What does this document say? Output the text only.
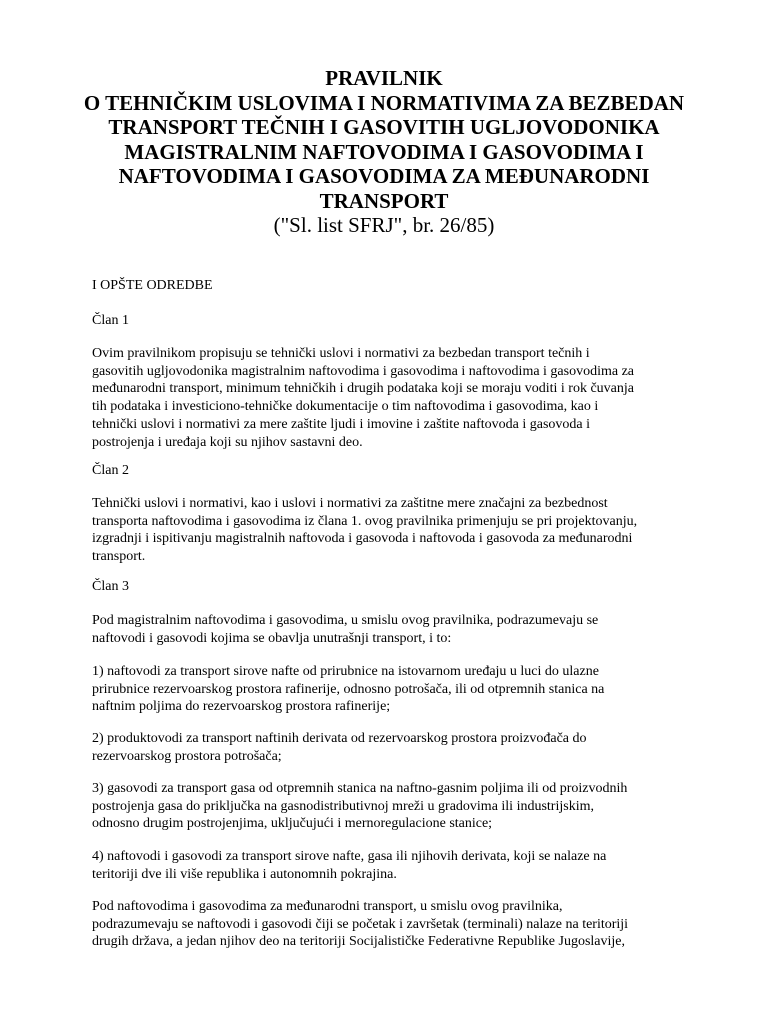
PRAVILNIK
O TEHNIČKIM USLOVIMA I NORMATIVIMA ZA BEZBEDAN
TRANSPORT TEČNIH I GASOVITIH UGLJOVODONIKA
MAGISTRALNIM NAFTOVODIMA I GASOVODIMA I
NAFTOVODIMA I GASOVODIMA ZA MEĐUNARODNI
TRANSPORT
("Sl. list SFRJ", br. 26/85)
I OPŠTE ODREDBE
Član 1
Ovim pravilnikom propisuju se tehnički uslovi i normativi za bezbedan transport tečnih i
gasovitih ugljovodonika magistralnim naftovodima i gasovodima i naftovodima i gasovodima za
međunarodni transport, minimum tehničkih i drugih podataka koji se moraju voditi i rok čuvanja
tih podataka i investiciono-tehničke dokumentacije o tim naftovodima i gasovodima, kao i
tehnički uslovi i normativi za mere zaštite ljudi i imovine i zaštite naftovoda i gasovoda i
postrojenja i uređaja koji su njihov sastavni deo.
Član 2
Tehnički uslovi i normativi, kao i uslovi i normativi za zaštitne mere značajni za bezbednost
transporta naftovodima i gasovodima iz člana 1. ovog pravilnika primenjuju se pri projektovanju,
izgradnji i ispitivanju magistralnih naftovoda i gasovoda i naftovoda i gasovoda za međunarodni
transport.
Član 3
Pod magistralnim naftovodima i gasovodima, u smislu ovog pravilnika, podrazumevaju se
naftovodi i gasovodi kojima se obavlja unutrašnji transport, i to:
1) naftovodi za transport sirove nafte od prirubnice na istovarnom uređaju u luci do ulazne
prirubnice rezervoarskog prostora rafinerije, odnosno potrošača, ili od otpremnih stanica na
naftnim poljima do rezervoarskog prostora rafinerije;
2) produktovodi za transport naftinih derivata od rezervoarskog prostora proizvođača do
rezervoarskog prostora potrošača;
3) gasovodi za transport gasa od otpremnih stanica na naftno-gasnim poljima ili od proizvodnih
postrojenja gasa do priključka na gasnodistributivnoj mreži u gradovima ili industrijskim,
odnosno drugim postrojenjima, uključujući i mernoregulacione stanice;
4) naftovodi i gasovodi za transport sirove nafte, gasa ili njihovih derivata, koji se nalaze na
teritoriji dve ili više republika i autonomnih pokrajina.
Pod naftovodima i gasovodima za međunarodni transport, u smislu ovog pravilnika,
podrazumevaju se naftovodi i gasovodi čiji se početak i završetak (terminali) nalaze na teritoriji
drugih država, a jedan njihov deo na teritoriji Socijalističke Federativne Republike Jugoslavije,
